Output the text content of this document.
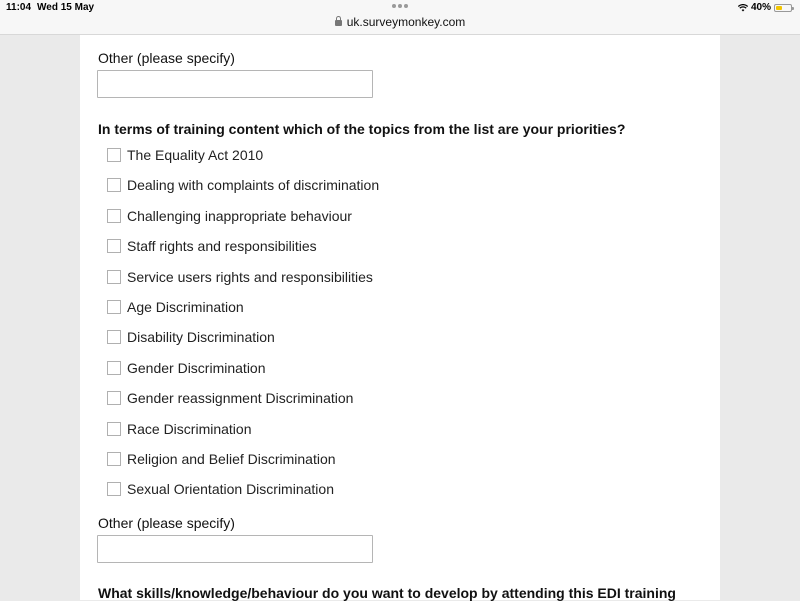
11:04 Wed 15 May
uk.surveymonkey.com
40%
Other (please specify)
In terms of training content which of the topics from the list are your priorities?
The Equality Act 2010
Dealing with complaints of discrimination
Challenging inappropriate behaviour
Staff rights and responsibilities
Service users rights and responsibilities
Age Discrimination
Disability Discrimination
Gender Discrimination
Gender reassignment Discrimination
Race Discrimination
Religion and Belief Discrimination
Sexual Orientation Discrimination
Other (please specify)
What skills/knowledge/behaviour do you want to develop by attending this EDI training
